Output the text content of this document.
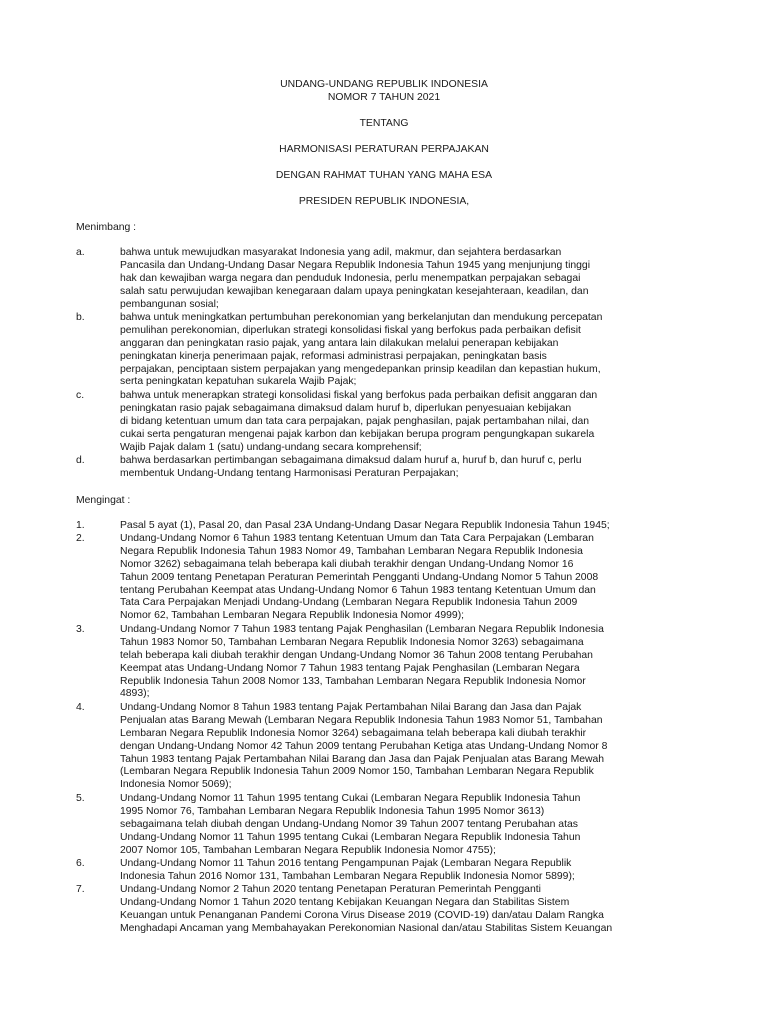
UNDANG-UNDANG REPUBLIK INDONESIA
NOMOR 7 TAHUN 2021
TENTANG
HARMONISASI PERATURAN PERPAJAKAN
DENGAN RAHMAT TUHAN YANG MAHA ESA
PRESIDEN REPUBLIK INDONESIA,
Menimbang :
a.	bahwa untuk mewujudkan masyarakat Indonesia yang adil, makmur, dan sejahtera berdasarkan
Pancasila dan Undang-Undang Dasar Negara Republik Indonesia Tahun 1945 yang menjunjung tinggi
hak dan kewajiban warga negara dan penduduk Indonesia, perlu menempatkan perpajakan sebagai
salah satu perwujudan kewajiban kenegaraan dalam upaya peningkatan kesejahteraan, keadilan, dan
pembangunan sosial;
b.	bahwa untuk meningkatkan pertumbuhan perekonomian yang berkelanjutan dan mendukung percepatan
pemulihan perekonomian, diperlukan strategi konsolidasi fiskal yang berfokus pada perbaikan defisit
anggaran dan peningkatan rasio pajak, yang antara lain dilakukan melalui penerapan kebijakan
peningkatan kinerja penerimaan pajak, reformasi administrasi perpajakan, peningkatan basis
perpajakan, penciptaan sistem perpajakan yang mengedepankan prinsip keadilan dan kepastian hukum,
serta peningkatan kepatuhan sukarela Wajib Pajak;
c.	bahwa untuk menerapkan strategi konsolidasi fiskal yang berfokus pada perbaikan defisit anggaran dan
peningkatan rasio pajak sebagaimana dimaksud dalam huruf b, diperlukan penyesuaian kebijakan
di bidang ketentuan umum dan tata cara perpajakan, pajak penghasilan, pajak pertambahan nilai, dan
cukai serta pengaturan mengenai pajak karbon dan kebijakan berupa program pengungkapan sukarela
Wajib Pajak dalam 1 (satu) undang-undang secara komprehensif;
d.	bahwa berdasarkan pertimbangan sebagaimana dimaksud dalam huruf a, huruf b, dan huruf c, perlu
membentuk Undang-Undang tentang Harmonisasi Peraturan Perpajakan;
Mengingat :
1.	Pasal 5 ayat (1), Pasal 20, dan Pasal 23A Undang-Undang Dasar Negara Republik Indonesia Tahun 1945;
2.	Undang-Undang Nomor 6 Tahun 1983 tentang Ketentuan Umum dan Tata Cara Perpajakan (Lembaran
Negara Republik Indonesia Tahun 1983 Nomor 49, Tambahan Lembaran Negara Republik Indonesia
Nomor 3262) sebagaimana telah beberapa kali diubah terakhir dengan Undang-Undang Nomor 16
Tahun 2009 tentang Penetapan Peraturan Pemerintah Pengganti Undang-Undang Nomor 5 Tahun 2008
tentang Perubahan Keempat atas Undang-Undang Nomor 6 Tahun 1983 tentang Ketentuan Umum dan
Tata Cara Perpajakan Menjadi Undang-Undang (Lembaran Negara Republik Indonesia Tahun 2009
Nomor 62, Tambahan Lembaran Negara Republik Indonesia Nomor 4999);
3.	Undang-Undang Nomor 7 Tahun 1983 tentang Pajak Penghasilan (Lembaran Negara Republik Indonesia
Tahun 1983 Nomor 50, Tambahan Lembaran Negara Republik Indonesia Nomor 3263) sebagaimana
telah beberapa kali diubah terakhir dengan Undang-Undang Nomor 36 Tahun 2008 tentang Perubahan
Keempat atas Undang-Undang Nomor 7 Tahun 1983 tentang Pajak Penghasilan (Lembaran Negara
Republik Indonesia Tahun 2008 Nomor 133, Tambahan Lembaran Negara Republik Indonesia Nomor
4893);
4.	Undang-Undang Nomor 8 Tahun 1983 tentang Pajak Pertambahan Nilai Barang dan Jasa dan Pajak
Penjualan atas Barang Mewah (Lembaran Negara Republik Indonesia Tahun 1983 Nomor 51, Tambahan
Lembaran Negara Republik Indonesia Nomor 3264) sebagaimana telah beberapa kali diubah terakhir
dengan Undang-Undang Nomor 42 Tahun 2009 tentang Perubahan Ketiga atas Undang-Undang Nomor 8
Tahun 1983 tentang Pajak Pertambahan Nilai Barang dan Jasa dan Pajak Penjualan atas Barang Mewah
(Lembaran Negara Republik Indonesia Tahun 2009 Nomor 150, Tambahan Lembaran Negara Republik
Indonesia Nomor 5069);
5.	Undang-Undang Nomor 11 Tahun 1995 tentang Cukai (Lembaran Negara Republik Indonesia Tahun
1995 Nomor 76, Tambahan Lembaran Negara Republik Indonesia Tahun 1995 Nomor 3613)
sebagaimana telah diubah dengan Undang-Undang Nomor 39 Tahun 2007 tentang Perubahan atas
Undang-Undang Nomor 11 Tahun 1995 tentang Cukai (Lembaran Negara Republik Indonesia Tahun
2007 Nomor 105, Tambahan Lembaran Negara Republik Indonesia Nomor 4755);
6.	Undang-Undang Nomor 11 Tahun 2016 tentang Pengampunan Pajak (Lembaran Negara Republik
Indonesia Tahun 2016 Nomor 131, Tambahan Lembaran Negara Republik Indonesia Nomor 5899);
7.	Undang-Undang Nomor 2 Tahun 2020 tentang Penetapan Peraturan Pemerintah Pengganti
Undang-Undang Nomor 1 Tahun 2020 tentang Kebijakan Keuangan Negara dan Stabilitas Sistem
Keuangan untuk Penanganan Pandemi Corona Virus Disease 2019 (COVID-19) dan/atau Dalam Rangka
Menghadapi Ancaman yang Membahayakan Perekonomian Nasional dan/atau Stabilitas Sistem Keuangan
